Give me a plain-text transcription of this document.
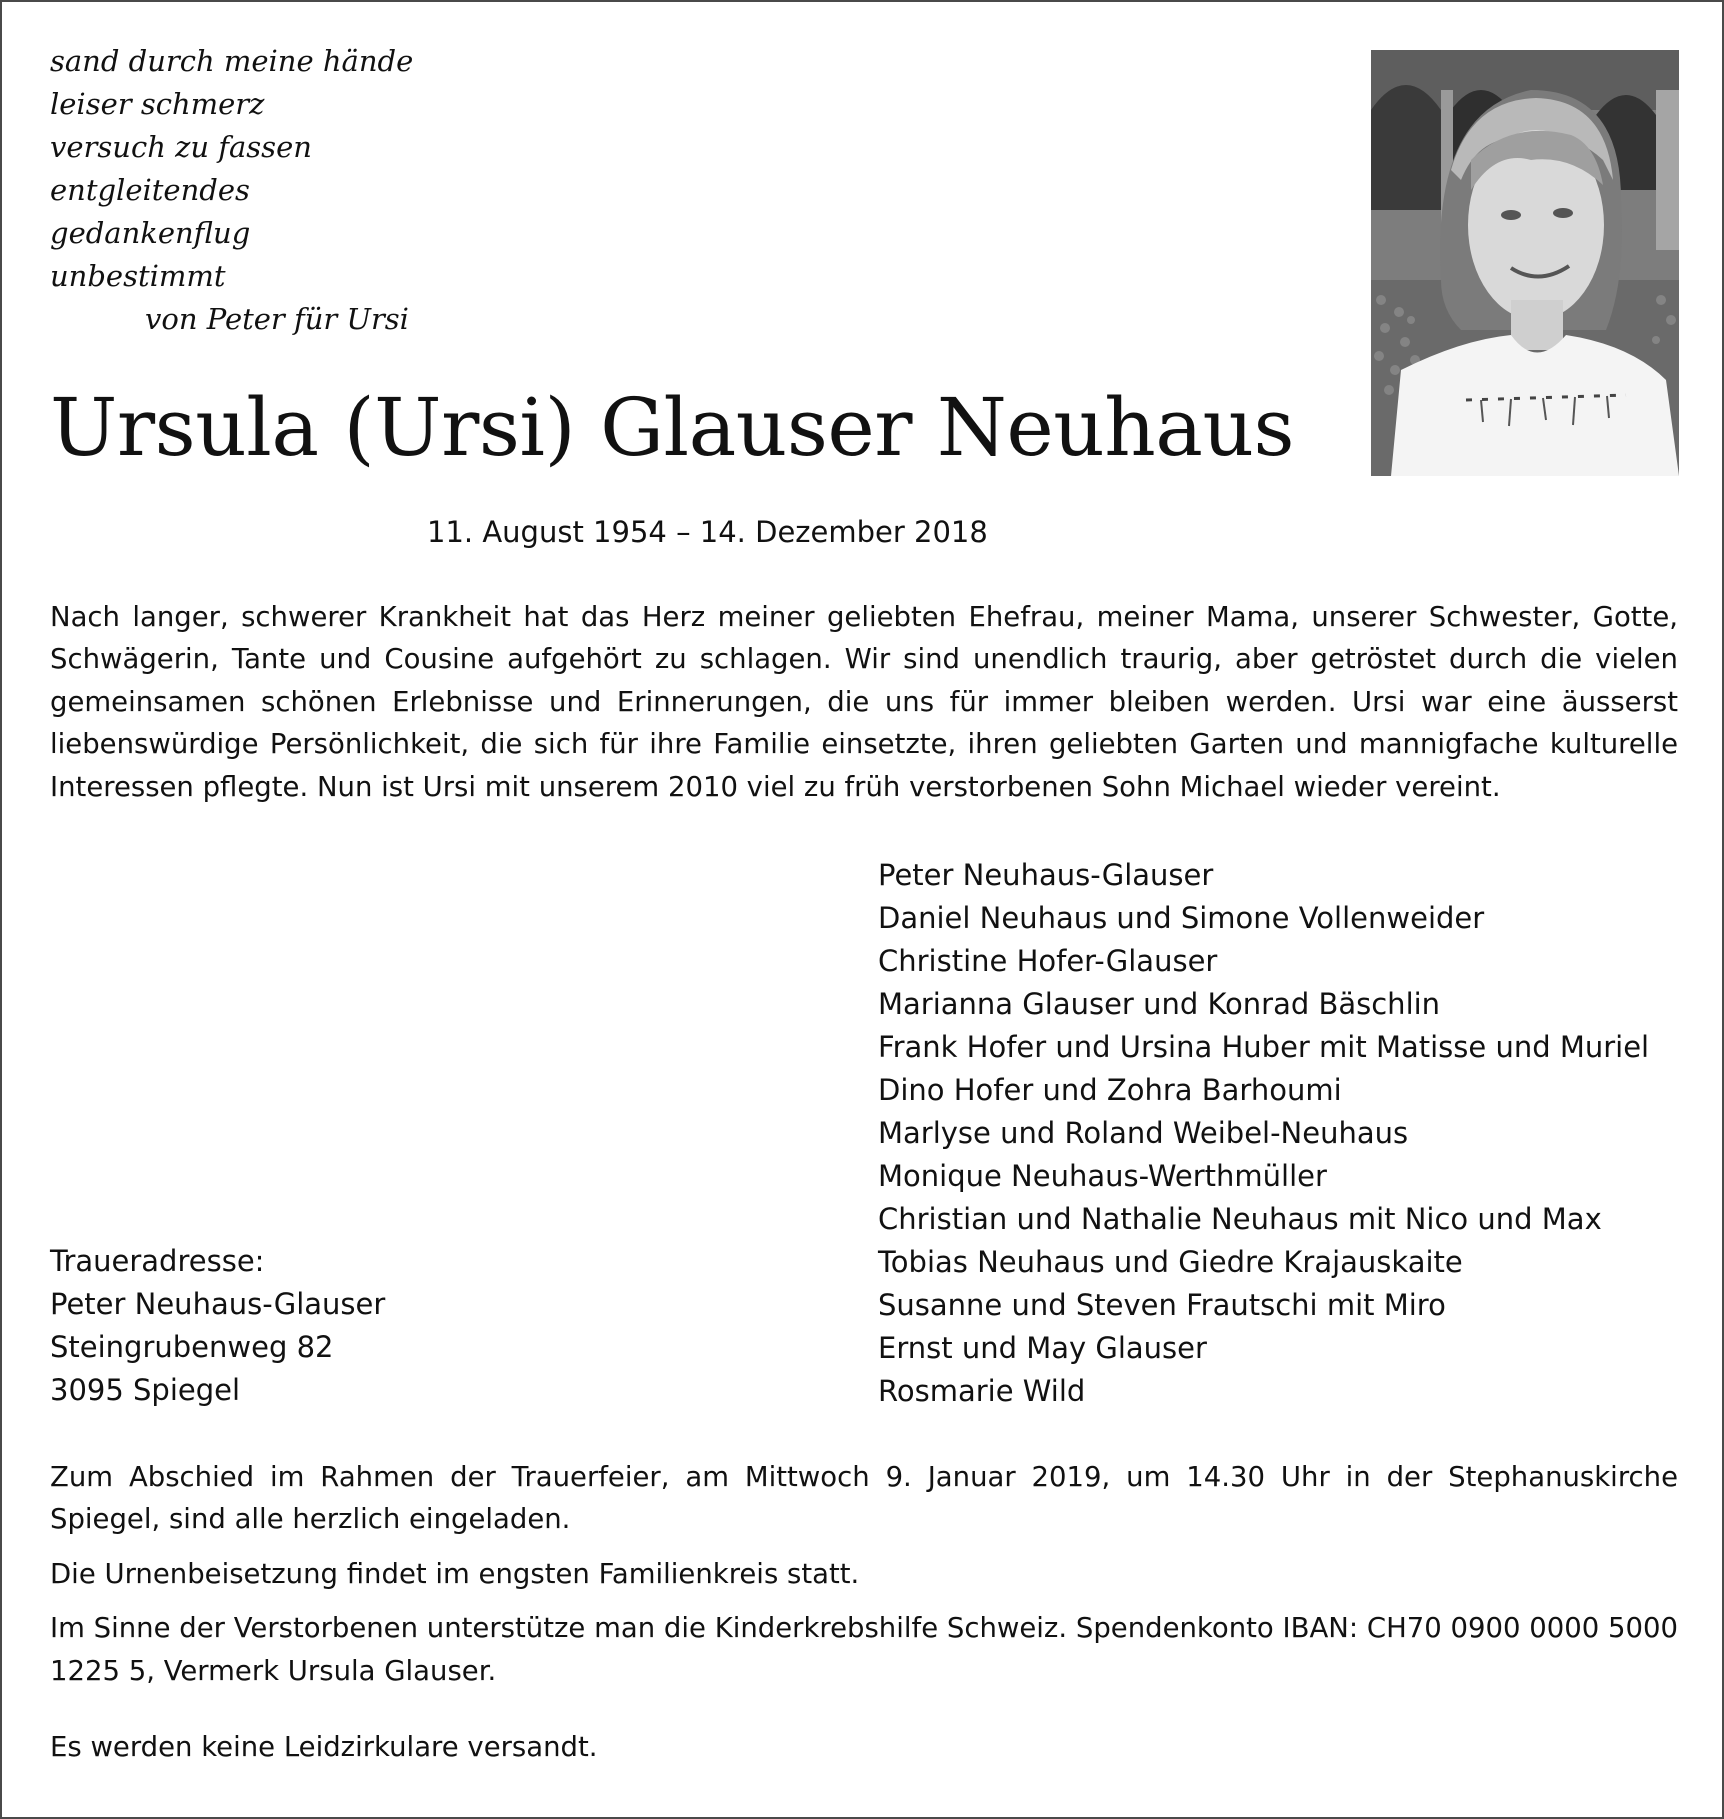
sand durch meine hände
leiser schmerz
versuch zu fassen
entgleitendes
gedankenflug
unbestimmt
von Peter für Ursi
Ursula (Ursi) Glauser Neuhaus
11. August 1954 – 14. Dezember 2018
Nach langer, schwerer Krankheit hat das Herz meiner geliebten Ehefrau, meiner Mama, unserer Schwester, Gotte, Schwägerin, Tante und Cousine aufgehört zu schlagen. Wir sind unendlich traurig, aber getröstet durch die vielen gemeinsamen schönen Erlebnisse und Erinnerungen, die uns für immer bleiben werden. Ursi war eine äusserst liebenswürdige Persönlichkeit, die sich für ihre Familie einsetzte, ihren geliebten Garten und mannigfache kulturelle Interessen pflegte. Nun ist Ursi mit unserem 2010 viel zu früh verstorbenen Sohn Michael wieder vereint.
Peter Neuhaus-Glauser
Daniel Neuhaus und Simone Vollenweider
Christine Hofer-Glauser
Marianna Glauser und Konrad Bäschlin
Frank Hofer und Ursina Huber mit Matisse und Muriel
Dino Hofer und Zohra Barhoumi
Marlyse und Roland Weibel-Neuhaus
Monique Neuhaus-Werthmüller
Christian und Nathalie Neuhaus mit Nico und Max
Tobias Neuhaus und Giedre Krajauskaite
Susanne und Steven Frautschi mit Miro
Ernst und May Glauser
Rosmarie Wild
Traueradresse:
Peter Neuhaus-Glauser
Steingrubenweg 82
3095 Spiegel

Zum Abschied im Rahmen der Trauerfeier, am Mittwoch 9. Januar 2019, um 14.30 Uhr in der Stephanuskirche Spiegel, sind alle herzlich eingeladen.

Die Urnenbeisetzung findet im engsten Familienkreis statt.

Im Sinne der Verstorbenen unterstütze man die Kinderkrebshilfe Schweiz. Spendenkonto IBAN: CH70 0900 0000 5000 1225 5, Vermerk Ursula Glauser.

Es werden keine Leidzirkulare versandt.
